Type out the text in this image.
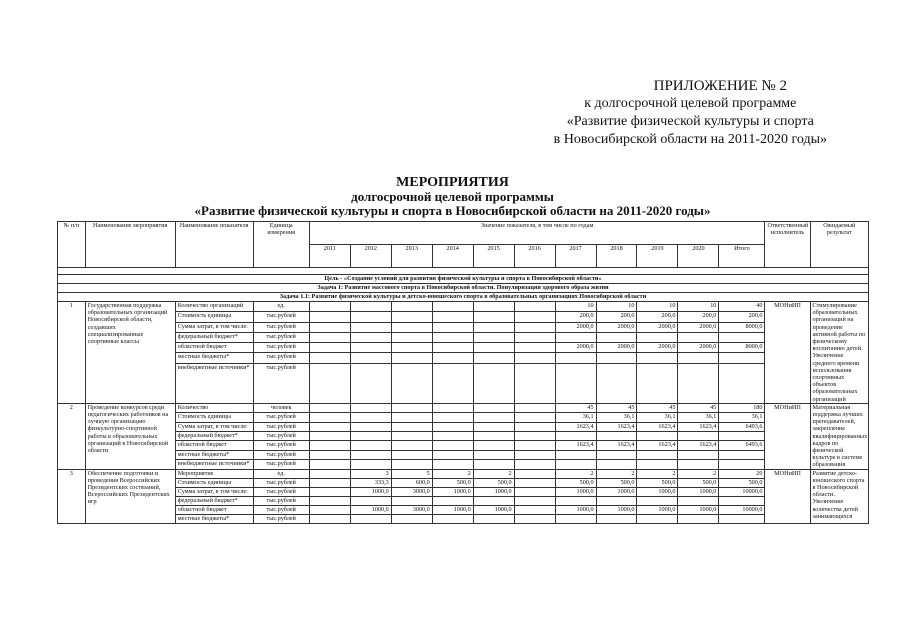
ПРИЛОЖЕНИЕ № 2
к долгосрочной целевой программе
«Развитие физической культуры и спорта
в Новосибирской области на 2011-2020 годы»
МЕРОПРИЯТИЯ
долгосрочной целевой программы
«Развитие физической культуры и спорта в Новосибирской области на 2011-2020 годы»
№ п/п	Наименование мероприятия	Наименование показателя	Единица измерения	Значение показателя, в том числе по годам											Ответственный исполнитель	Ожидаемый результат
				2011	2012	2013	2014	2015	2016	2017	2018	2019	2020	Итого		

Цель - «Создание условий для развития физической культуры и спорта в Новосибирской области»																
Задача 1: Развитие массового спорта в Новосибирской области. Популяризация здорового образа жизни																
Задача 1.1: Развитие физической культуры и детско-юношеского спорта в образовательных организациях Новосибирской области																
1	Государственная поддержка образовательных организаций Новосибирской области, создавших специализированные спортивные классы	Количество организаций	ед.							10	10	10	10	40	МОНиИП	Стимулирование образовательных организаций на проведение активной работы по физическому воспитанию детей. Увеличение среднего времени использования спортивных объектов образовательных организаций
		Стоимость единицы	тыс.рублей							200,0	200,0	200,0	200,0	200,0		
		Сумма затрат, в том числе:	тыс.рублей							2000,0	2000,0	2000,0	2000,0	8000,0		
		федеральный бюджет*	тыс.рублей													
		областной бюджет	тыс.рублей							2000,0	2000,0	2000,0	2000,0	8000,0		
		местные бюджеты*	тыс.рублей													
		внебюджетные источники*	тыс.рублей													
2	Проведение конкурсов среди педагогических работников на лучшую организацию физкультурно-спортивной работы в образовательных организаций в Новосибирской области	Количество	человек							45	45	45	45	180	МОНиИП	Материальная поддержка лучших преподавателей, закрепление квалифицированных кадров по физической культуре в системе образования
		Стоимость единицы	тыс.рублей							36,1	36,1	36,1	36,1	36,1		
		Сумма затрат, в том числе:	тыс.рублей							1623,4	1623,4	1623,4	1623,4	6493,6		
		федеральный бюджет*	тыс.рублей													
		областной бюджет	тыс.рублей							1623,4	1623,4	1623,4	1623,4	6493,6		
		местные бюджеты*	тыс.рублей													
		внебюджетные источники*	тыс.рублей													
3	Обеспечение подготовки и проведения Всероссийских Президентских состязаний, Всероссийских Президентских игр	Мероприятие	ед.		3	5	2	2		2	2	2	2	20	МОНиИП	Развитие детско-юношеского спорта в Новосибирской области. Увеличение количества детей занимающихся
		Стоимость единицы	тыс.рублей		333,3	600,0	500,0	500,0		500,0	500,0	500,0	500,0	500,0		
		Сумма затрат, в том числе:	тыс.рублей		1000,0	3000,0	1000,0	1000,0		1000,0	1000,0	1000,0	1000,0	10000,0		
		федеральный бюджет*	тыс.рублей													
		областной бюджет	тыс.рублей		1000,0	3000,0	1000,0	1000,0		1000,0	1000,0	1000,0	1000,0	10000,0		
		местные бюджеты*	тыс.рублей													
